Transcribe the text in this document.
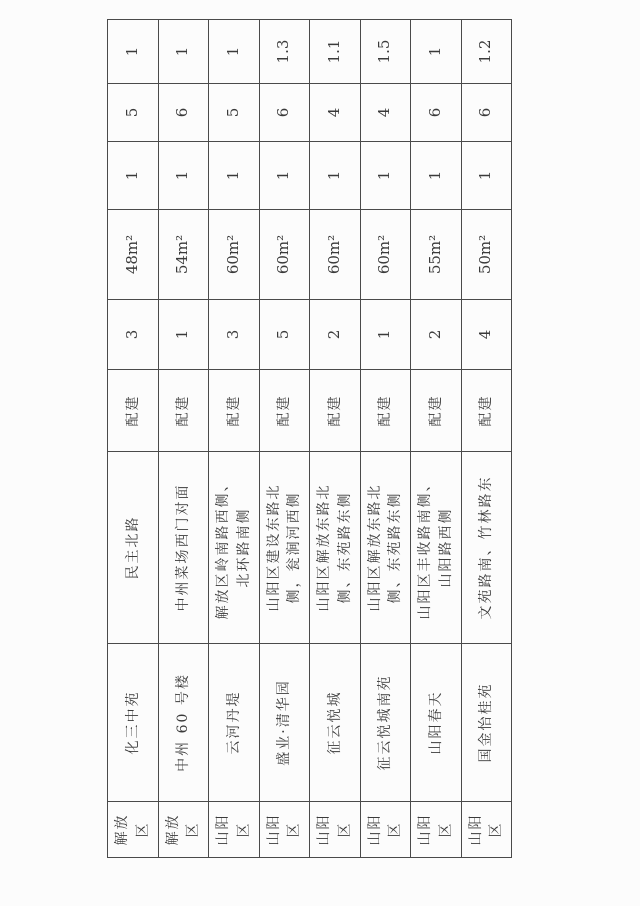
解放区	化三中苑	民主北路	配建	3	48m²	1	5	1
解放区	中州 60 号楼	中州菜场西门对面	配建	1	54m²	1	6	1
山阳区	云河丹堤	解放区岭南路西侧、 北环路南侧	配建	3	60m²	1	5	1
山阳区	盛业·清华园	山阳区建设东路北 侧，瓮涧河西侧	配建	5	60m²	1	6	1.3
山阳区	征云悦城	山阳区解放东路北 侧、东苑路东侧	配建	2	60m²	1	4	1.1
山阳区	征云悦城南苑	山阳区解放东路北 侧、东苑路东侧	配建	1	60m²	1	4	1.5
山阳区	山阳春天	山阳区丰收路南侧、 山阳路西侧	配建	2	55m²	1	6	1
山阳区	国金怡桂苑	文苑路南、竹林路东	配建	4	50m²	1	6	1.2
